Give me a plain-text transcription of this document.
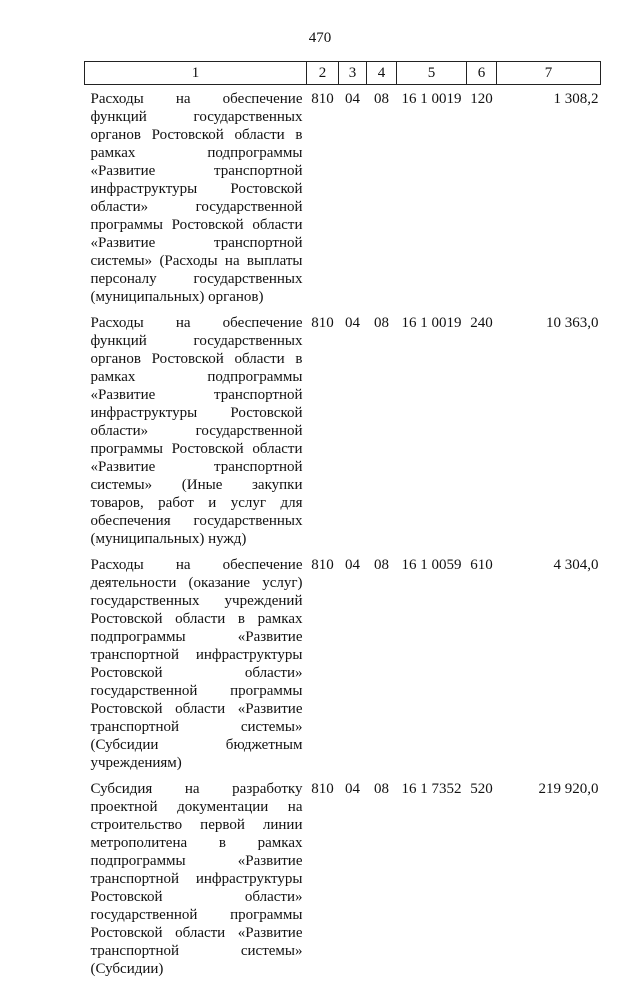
470
1	2	3	4	5	6	7
Расходы на обеспечение функций государственных органов Ростовской области в рамках подпрограммы «Развитие транспортной инфраструктуры Ростовской области» государственной программы Ростовской области «Развитие транспортной системы» (Расходы на выплаты персоналу государственных (муниципальных) органов)	810	04	08	16 1 0019	120	1 308,2
Расходы на обеспечение функций государственных органов Ростовской области в рамках подпрограммы «Развитие транспортной инфраструктуры Ростовской области» государственной программы Ростовской области «Развитие транспортной системы» (Иные закупки товаров, работ и услуг для обеспечения государственных (муниципальных) нужд)	810	04	08	16 1 0019	240	10 363,0
Расходы на обеспечение деятельности (оказание услуг) государственных учреждений Ростовской области в рамках подпрограммы «Развитие транспортной инфраструктуры Ростовской области» государственной программы Ростовской области «Развитие транспортной системы» (Субсидии бюджетным учреждениям)	810	04	08	16 1 0059	610	4 304,0
Субсидия на разработку проектной документации на строительство первой линии метрополитена в рамках подпрограммы «Развитие транспортной инфраструктуры Ростовской области» государственной программы Ростовской области «Развитие транспортной системы» (Субсидии)	810	04	08	16 1 7352	520	219 920,0
